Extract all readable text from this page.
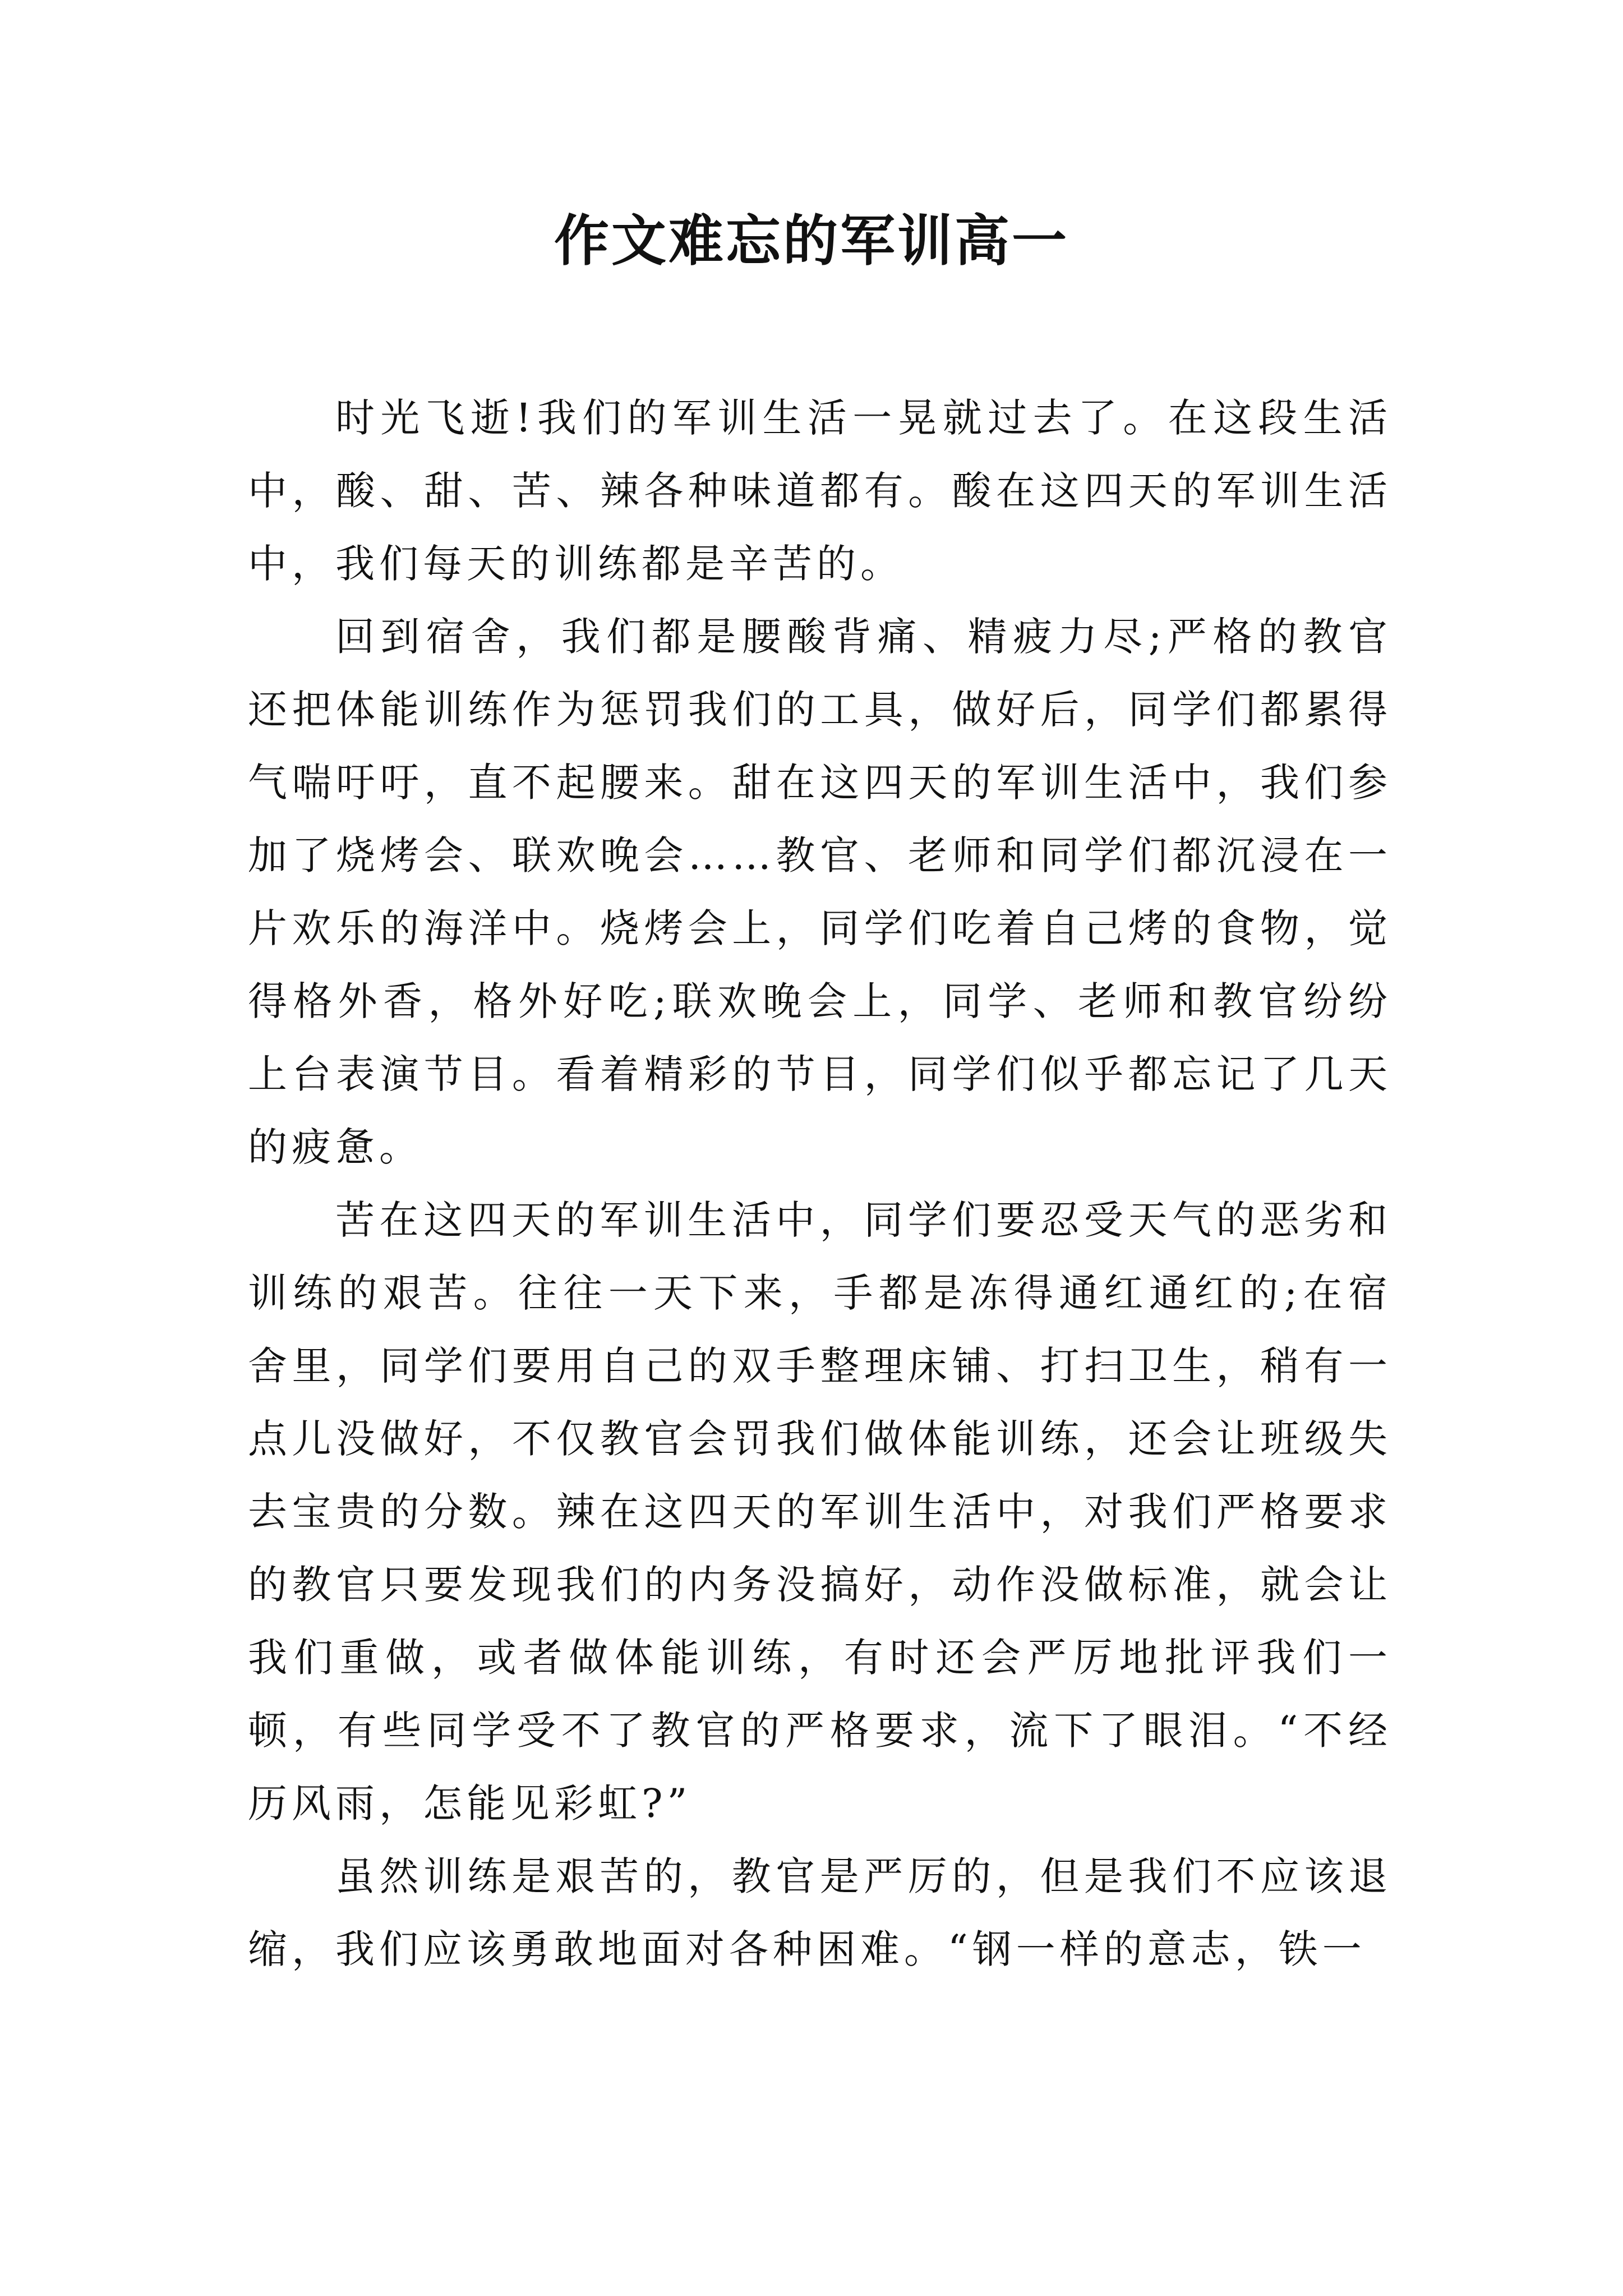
作文难忘的军训高一

时光飞逝!我们的军训生活一晃就过去了。在这段生活中，酸、甜、苦、辣各种味道都有。酸在这四天的军训生活中，我们每天的训练都是辛苦的。

回到宿舍，我们都是腰酸背痛、精疲力尽;严格的教官还把体能训练作为惩罚我们的工具，做好后，同学们都累得气喘吁吁，直不起腰来。甜在这四天的军训生活中，我们参加了烧烤会、联欢晚会……教官、老师和同学们都沉浸在一片欢乐的海洋中。烧烤会上，同学们吃着自己烤的食物，觉得格外香，格外好吃;联欢晚会上，同学、老师和教官纷纷上台表演节目。看着精彩的节目，同学们似乎都忘记了几天的疲惫。

苦在这四天的军训生活中，同学们要忍受天气的恶劣和训练的艰苦。往往一天下来，手都是冻得通红通红的;在宿舍里，同学们要用自己的双手整理床铺、打扫卫生，稍有一点儿没做好，不仅教官会罚我们做体能训练，还会让班级失去宝贵的分数。辣在这四天的军训生活中，对我们严格要求的教官只要发现我们的内务没搞好，动作没做标准，就会让我们重做，或者做体能训练，有时还会严厉地批评我们一顿，有些同学受不了教官的严格要求，流下了眼泪。“不经历风雨，怎能见彩虹?”

虽然训练是艰苦的，教官是严厉的，但是我们不应该退缩，我们应该勇敢地面对各种困难。“钢一样的意志，铁一
